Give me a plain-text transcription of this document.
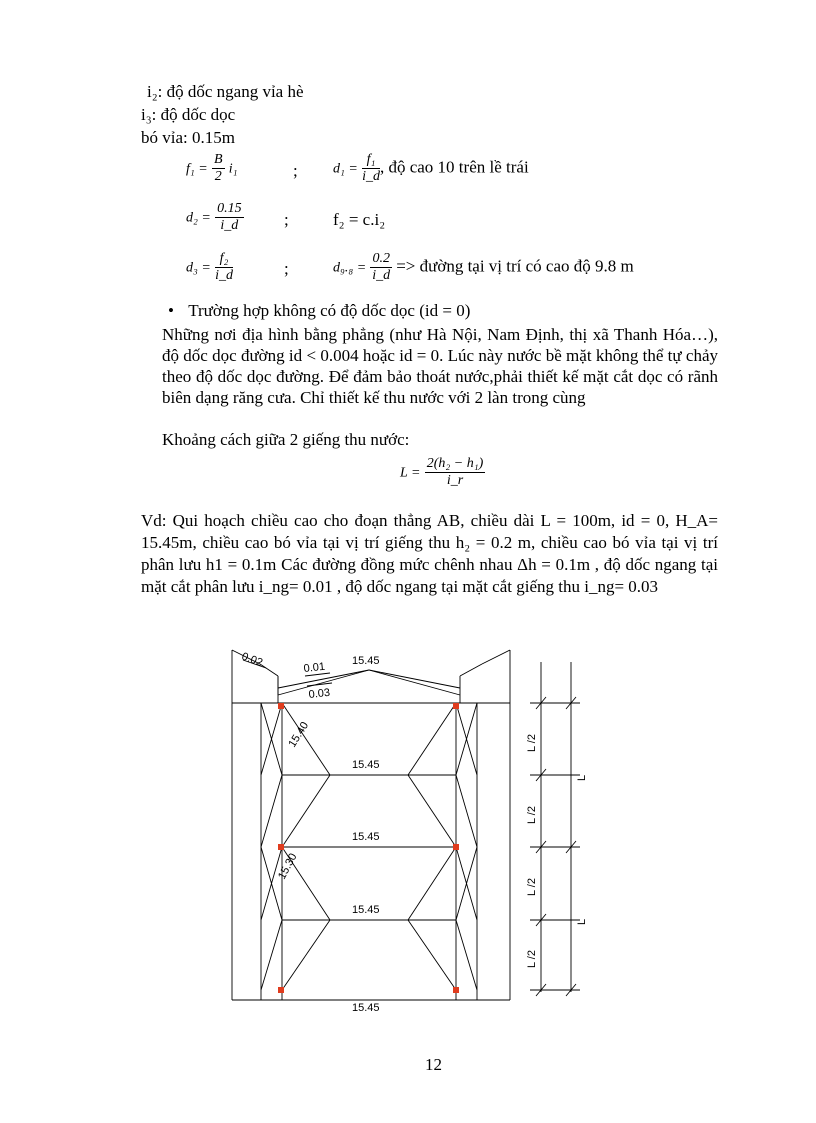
i₂: độ dốc ngang vỉa hè
i₃: độ dốc dọc
bó vỉa: 0.15m
$f_1 = \frac{B}{2} i_1$	;	$d_1 = \frac{\text{f₁}}{i\_d}$ , độ cao 10 trên lề trái
$d_2 = \frac{0.15}{i\_d}$ ;	f₂ = c.i₂
$d_3 = \frac{\text{f₂}}{i\_d}$	;	$d_9._8 = \frac{0.2}{i\_d}$ => đường tại vị trí có cao độ 9.8 m
• Trường hợp không có độ dốc dọc (id = 0)
Những nơi địa hình bằng phẳng (như Hà Nội, Nam Định, thị xã Thanh Hóa…), độ dốc dọc đường id < 0.004 hoặc id = 0. Lúc này nước bề mặt không thể tự chảy theo độ dốc dọc đường. Để đảm bảo thoát nước,phải thiết kế mặt cắt dọc có rãnh biên dạng răng cưa. Chỉ thiết kế thu nước với 2 làn trong cùng
Khoảng cách giữa 2 giếng thu nước:
$L = \frac{\text{2(h₂ − h₁)}}{i\_r}$
Vd: Qui hoạch chiều cao cho đoạn thẳng AB, chiều dài L = 100m, id = 0, H_A= 15.45m, chiều cao bó vỉa tại vị trí giếng thu h₂ = 0.2 m, chiều cao bó vỉa tại vị trí phân lưu h1 = 0.1m Các đường đồng mức chênh nhau Δh = 0.1m , độ dốc ngang tại mặt cắt phân lưu i_ng= 0.01 , độ dốc ngang tại mặt cắt giếng thu i_ng= 0.03
0.02	0.01
0.03
15.45
15.40
15.30
15.45
15.45
15.45
15.45
L /2
L /2
L /2
L /2
L
L
12
